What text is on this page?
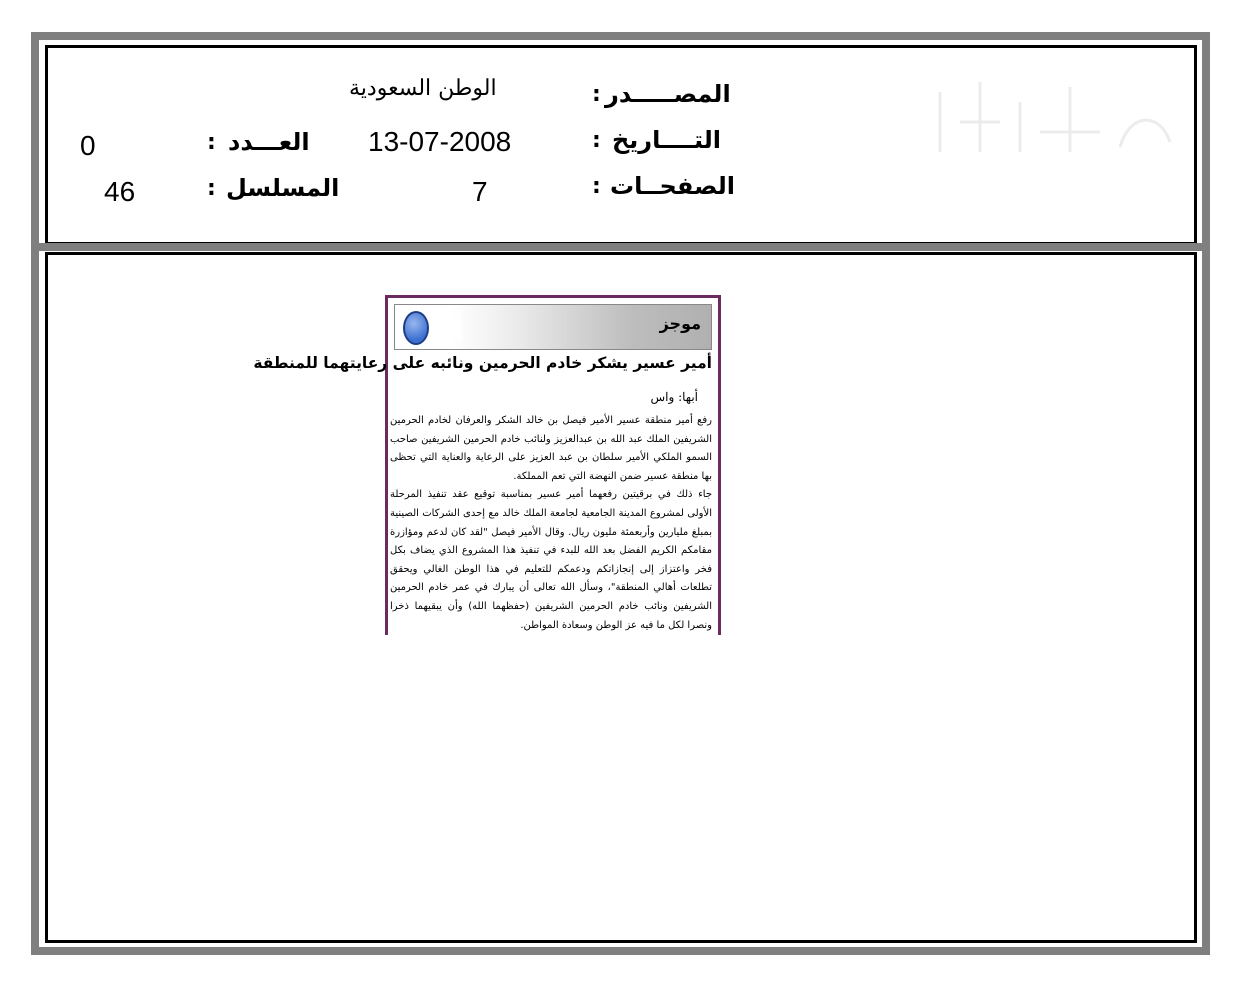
المصـــــدر
:
الوطن السعودية
التــــاريخ
:
13-07-2008
العـــدد
:
0
الصفحــات
:
7
المسلسل
:
46
موجز
أمير عسير يشكر خادم الحرمين ونائبه على رعايتهما للمنطقة
أبها: واس

رفع أمير منطقة عسير الأمير فيصل بن خالد الشكر والعرفان لخادم الحرمين الشريفين الملك عبد الله بن عبدالعزيز ولنائب خادم الحرمين الشريفين صاحب السمو الملكي الأمير سلطان بن عبد العزيز على الرعاية والعناية التي تحظى بها منطقة عسير ضمن النهضة التي تعم المملكة.

جاء ذلك في برقيتين رفعهما أمير عسير بمناسبة توقيع عقد تنفيذ المرحلة الأولى لمشروع المدينة الجامعية لجامعة الملك خالد مع إحدى الشركات الصينية بمبلغ مليارين وأربعمئة مليون ريال. وقال الأمير فيصل "لقد كان لدعم ومؤازرة مقامكم الكريم الفضل بعد الله للبدء في تنفيذ هذا المشروع الذي يضاف بكل فخر واعتزاز إلى إنجازاتكم ودعمكم للتعليم في هذا الوطن الغالي ويحقق تطلعات أهالي المنطقة"، وسأل الله تعالى أن يبارك في عمر خادم الحرمين الشريفين ونائب خادم الحرمين الشريفين (حفظهما الله) وأن يبقيهما ذخرا ونصرا لكل ما فيه عز الوطن وسعادة المواطن.
